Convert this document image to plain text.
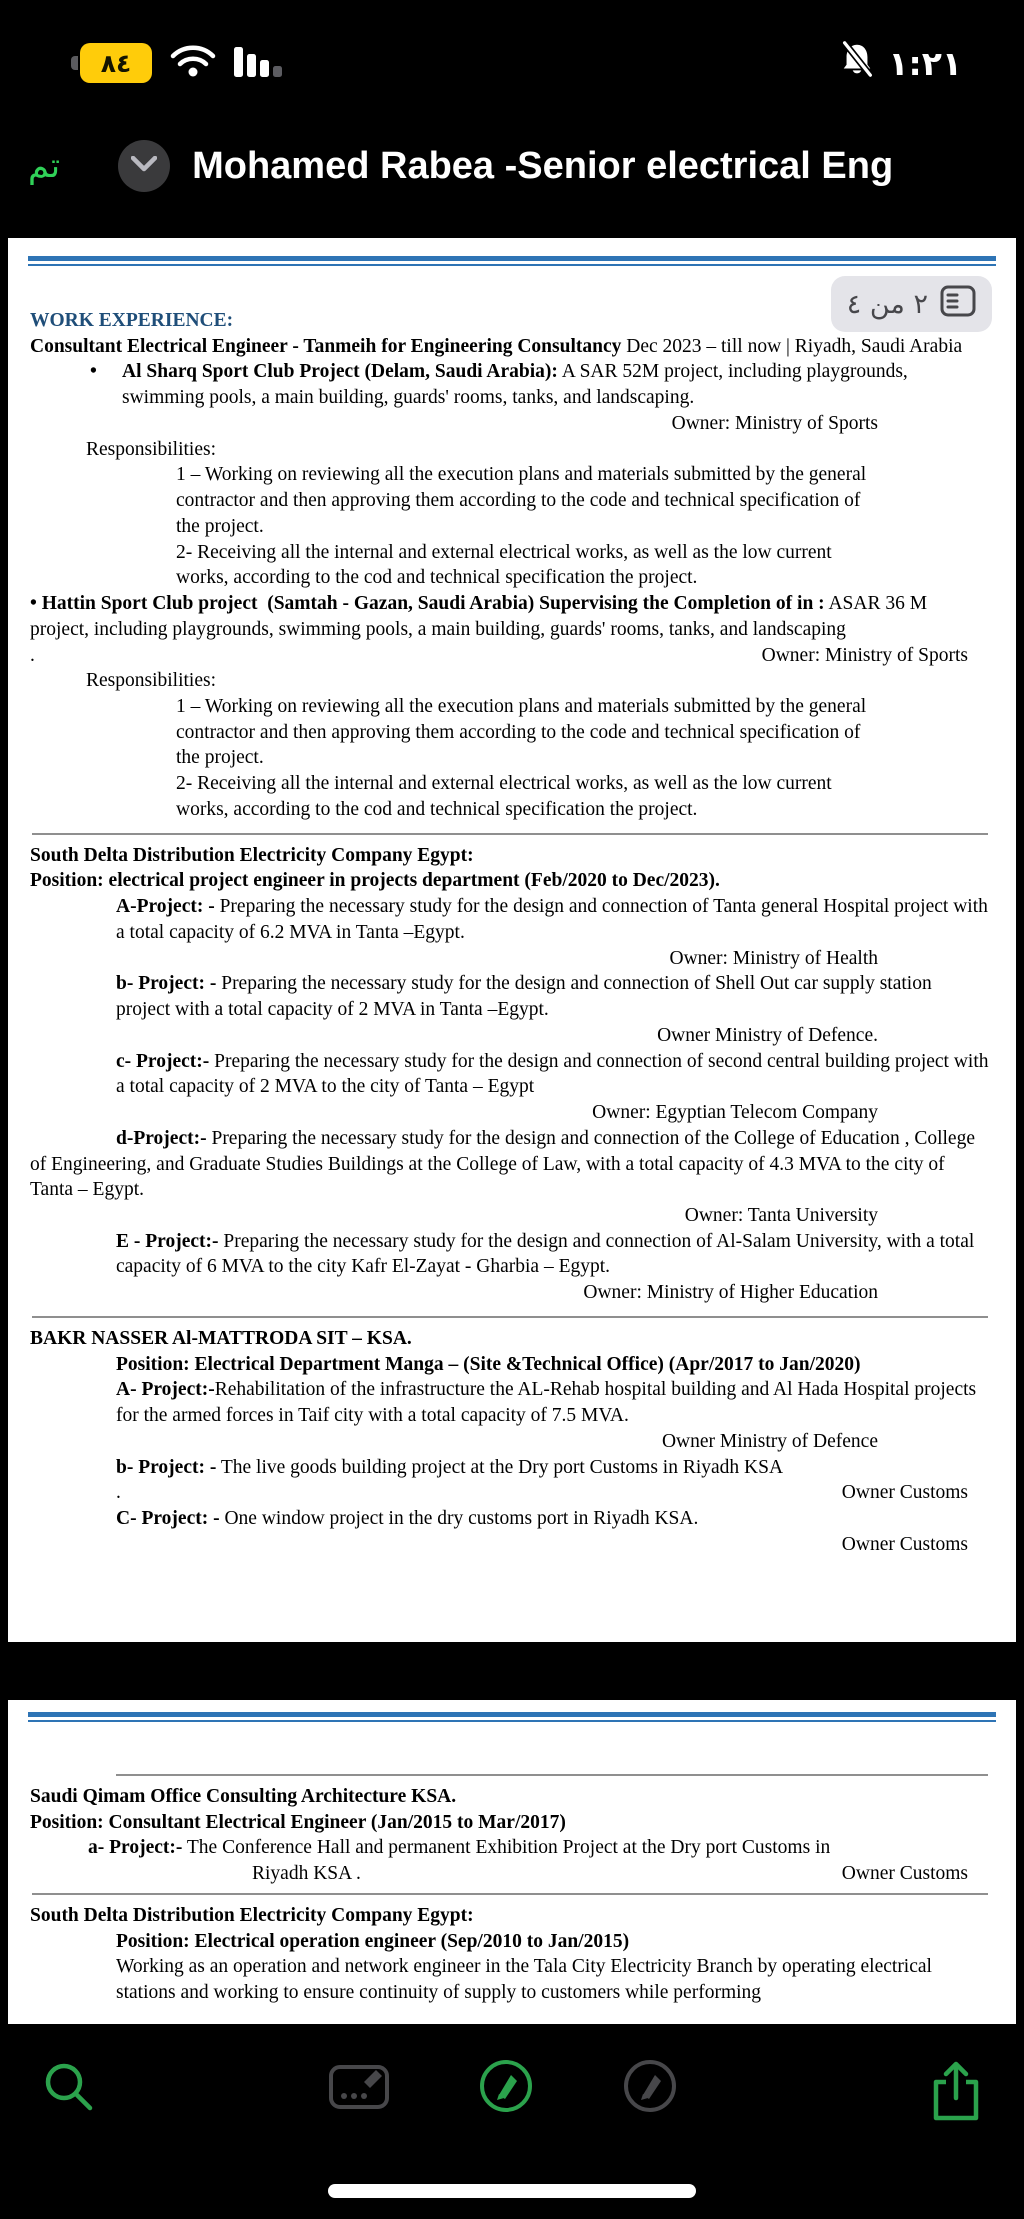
٨٤	١:٢١
تم	Mohamed Rabea -Senior electrical Eng
٢ من ٤
WORK EXPERIENCE:
Consultant Electrical Engineer - Tanmeih for Engineering Consultancy Dec 2023 – till now | Riyadh, Saudi Arabia
• Al Sharq Sport Club Project (Delam, Saudi Arabia): A SAR 52M project, including playgrounds, swimming pools, a main building, guards' rooms, tanks, and landscaping.
Owner: Ministry of Sports
Responsibilities:
1 – Working on reviewing all the execution plans and materials submitted by the general contractor and then approving them according to the code and technical specification of the project.
2- Receiving all the internal and external electrical works, as well as the low current works, according to the cod and technical specification the project.
• Hattin Sport Club project  (Samtah - Gazan, Saudi Arabia) Supervising the Completion of in : ASAR 36 M project, including playgrounds, swimming pools, a main building, guards' rooms, tanks, and landscaping
.	Owner: Ministry of Sports
Responsibilities:
1 – Working on reviewing all the execution plans and materials submitted by the general contractor and then approving them according to the code and technical specification of the project.
2- Receiving all the internal and external electrical works, as well as the low current works, according to the cod and technical specification the project.
South Delta Distribution Electricity Company Egypt:
Position: electrical project engineer in projects department (Feb/2020 to Dec/2023).
A-Project: - Preparing the necessary study for the design and connection of Tanta general Hospital project with a total capacity of 6.2 MVA in Tanta –Egypt.
Owner: Ministry of Health
b- Project: - Preparing the necessary study for the design and connection of Shell Out car supply station project with a total capacity of 2 MVA in Tanta –Egypt.
Owner Ministry of Defence.
c- Project:- Preparing the necessary study for the design and connection of second central building project with a total capacity of 2 MVA to the city of Tanta – Egypt
Owner: Egyptian Telecom Company
d-Project:- Preparing the necessary study for the design and connection of the College of Education , College of Engineering, and Graduate Studies Buildings at the College of Law, with a total capacity of 4.3 MVA to the city of Tanta – Egypt.
Owner: Tanta University
E - Project:- Preparing the necessary study for the design and connection of Al-Salam University, with a total capacity of 6 MVA to the city Kafr El-Zayat - Gharbia – Egypt.
Owner: Ministry of Higher Education
BAKR NASSER Al-MATTRODA SIT – KSA.
Position: Electrical Department Manga – (Site &Technical Office) (Apr/2017 to Jan/2020)
A- Project:-Rehabilitation of the infrastructure the AL-Rehab hospital building and Al Hada Hospital projects for the armed forces in Taif city with a total capacity of 7.5 MVA.
Owner Ministry of Defence
b- Project: - The live goods building project at the Dry port Customs in Riyadh KSA
.	Owner Customs
C- Project: - One window project in the dry customs port in Riyadh KSA.
Owner Customs
Saudi Qimam Office Consulting Architecture KSA.
Position: Consultant Electrical Engineer (Jan/2015 to Mar/2017)
a- Project:- The Conference Hall and permanent Exhibition Project at the Dry port Customs in
Riyadh KSA .	Owner Customs
South Delta Distribution Electricity Company Egypt:
Position: Electrical operation engineer (Sep/2010 to Jan/2015)
Working as an operation and network engineer in the Tala City Electricity Branch by operating electrical stations and working to ensure continuity of supply to customers while performing
